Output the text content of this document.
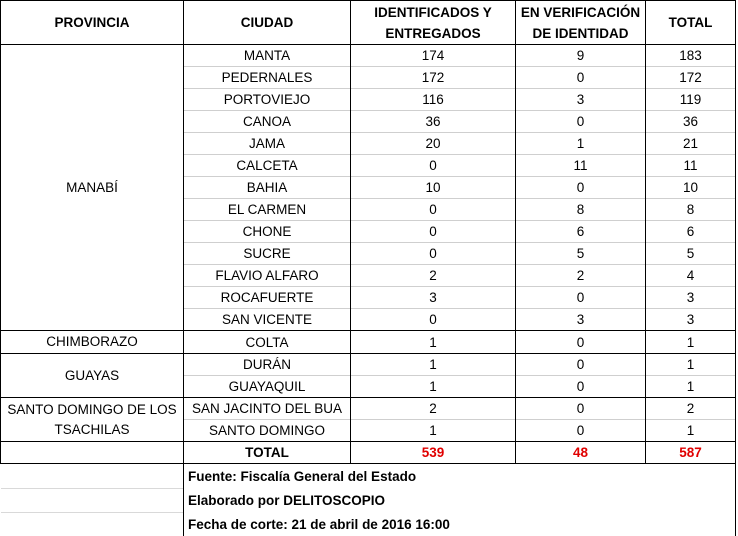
PROVINCIA	CIUDAD	IDENTIFICADOS Y ENTREGADOS	EN VERIFICACIÓN DE IDENTIDAD	TOTAL
MANABÍ	MANTA	174	9	183
	PEDERNALES	172	0	172
	PORTOVIEJO	116	3	119
	CANOA	36	0	36
	JAMA	20	1	21
	CALCETA	0	11	11
	BAHIA	10	0	10
	EL CARMEN	0	8	8
	CHONE	0	6	6
	SUCRE	0	5	5
	FLAVIO ALFARO	2	2	4
	ROCAFUERTE	3	0	3
	SAN VICENTE	0	3	3
CHIMBORAZO	COLTA	1	0	1
GUAYAS	DURÁN	1	0	1
	GUAYAQUIL	1	0	1
SANTO DOMINGO DE LOS TSACHILAS	SAN JACINTO DEL BUA	2	0	2
	SANTO DOMINGO	1	0	1
	TOTAL	539	48	587
	Fuente: Fiscalía General del Estado			
	Elaborado por DELITOSCOPIO			
	Fecha de corte: 21 de abril de 2016 16:00			
